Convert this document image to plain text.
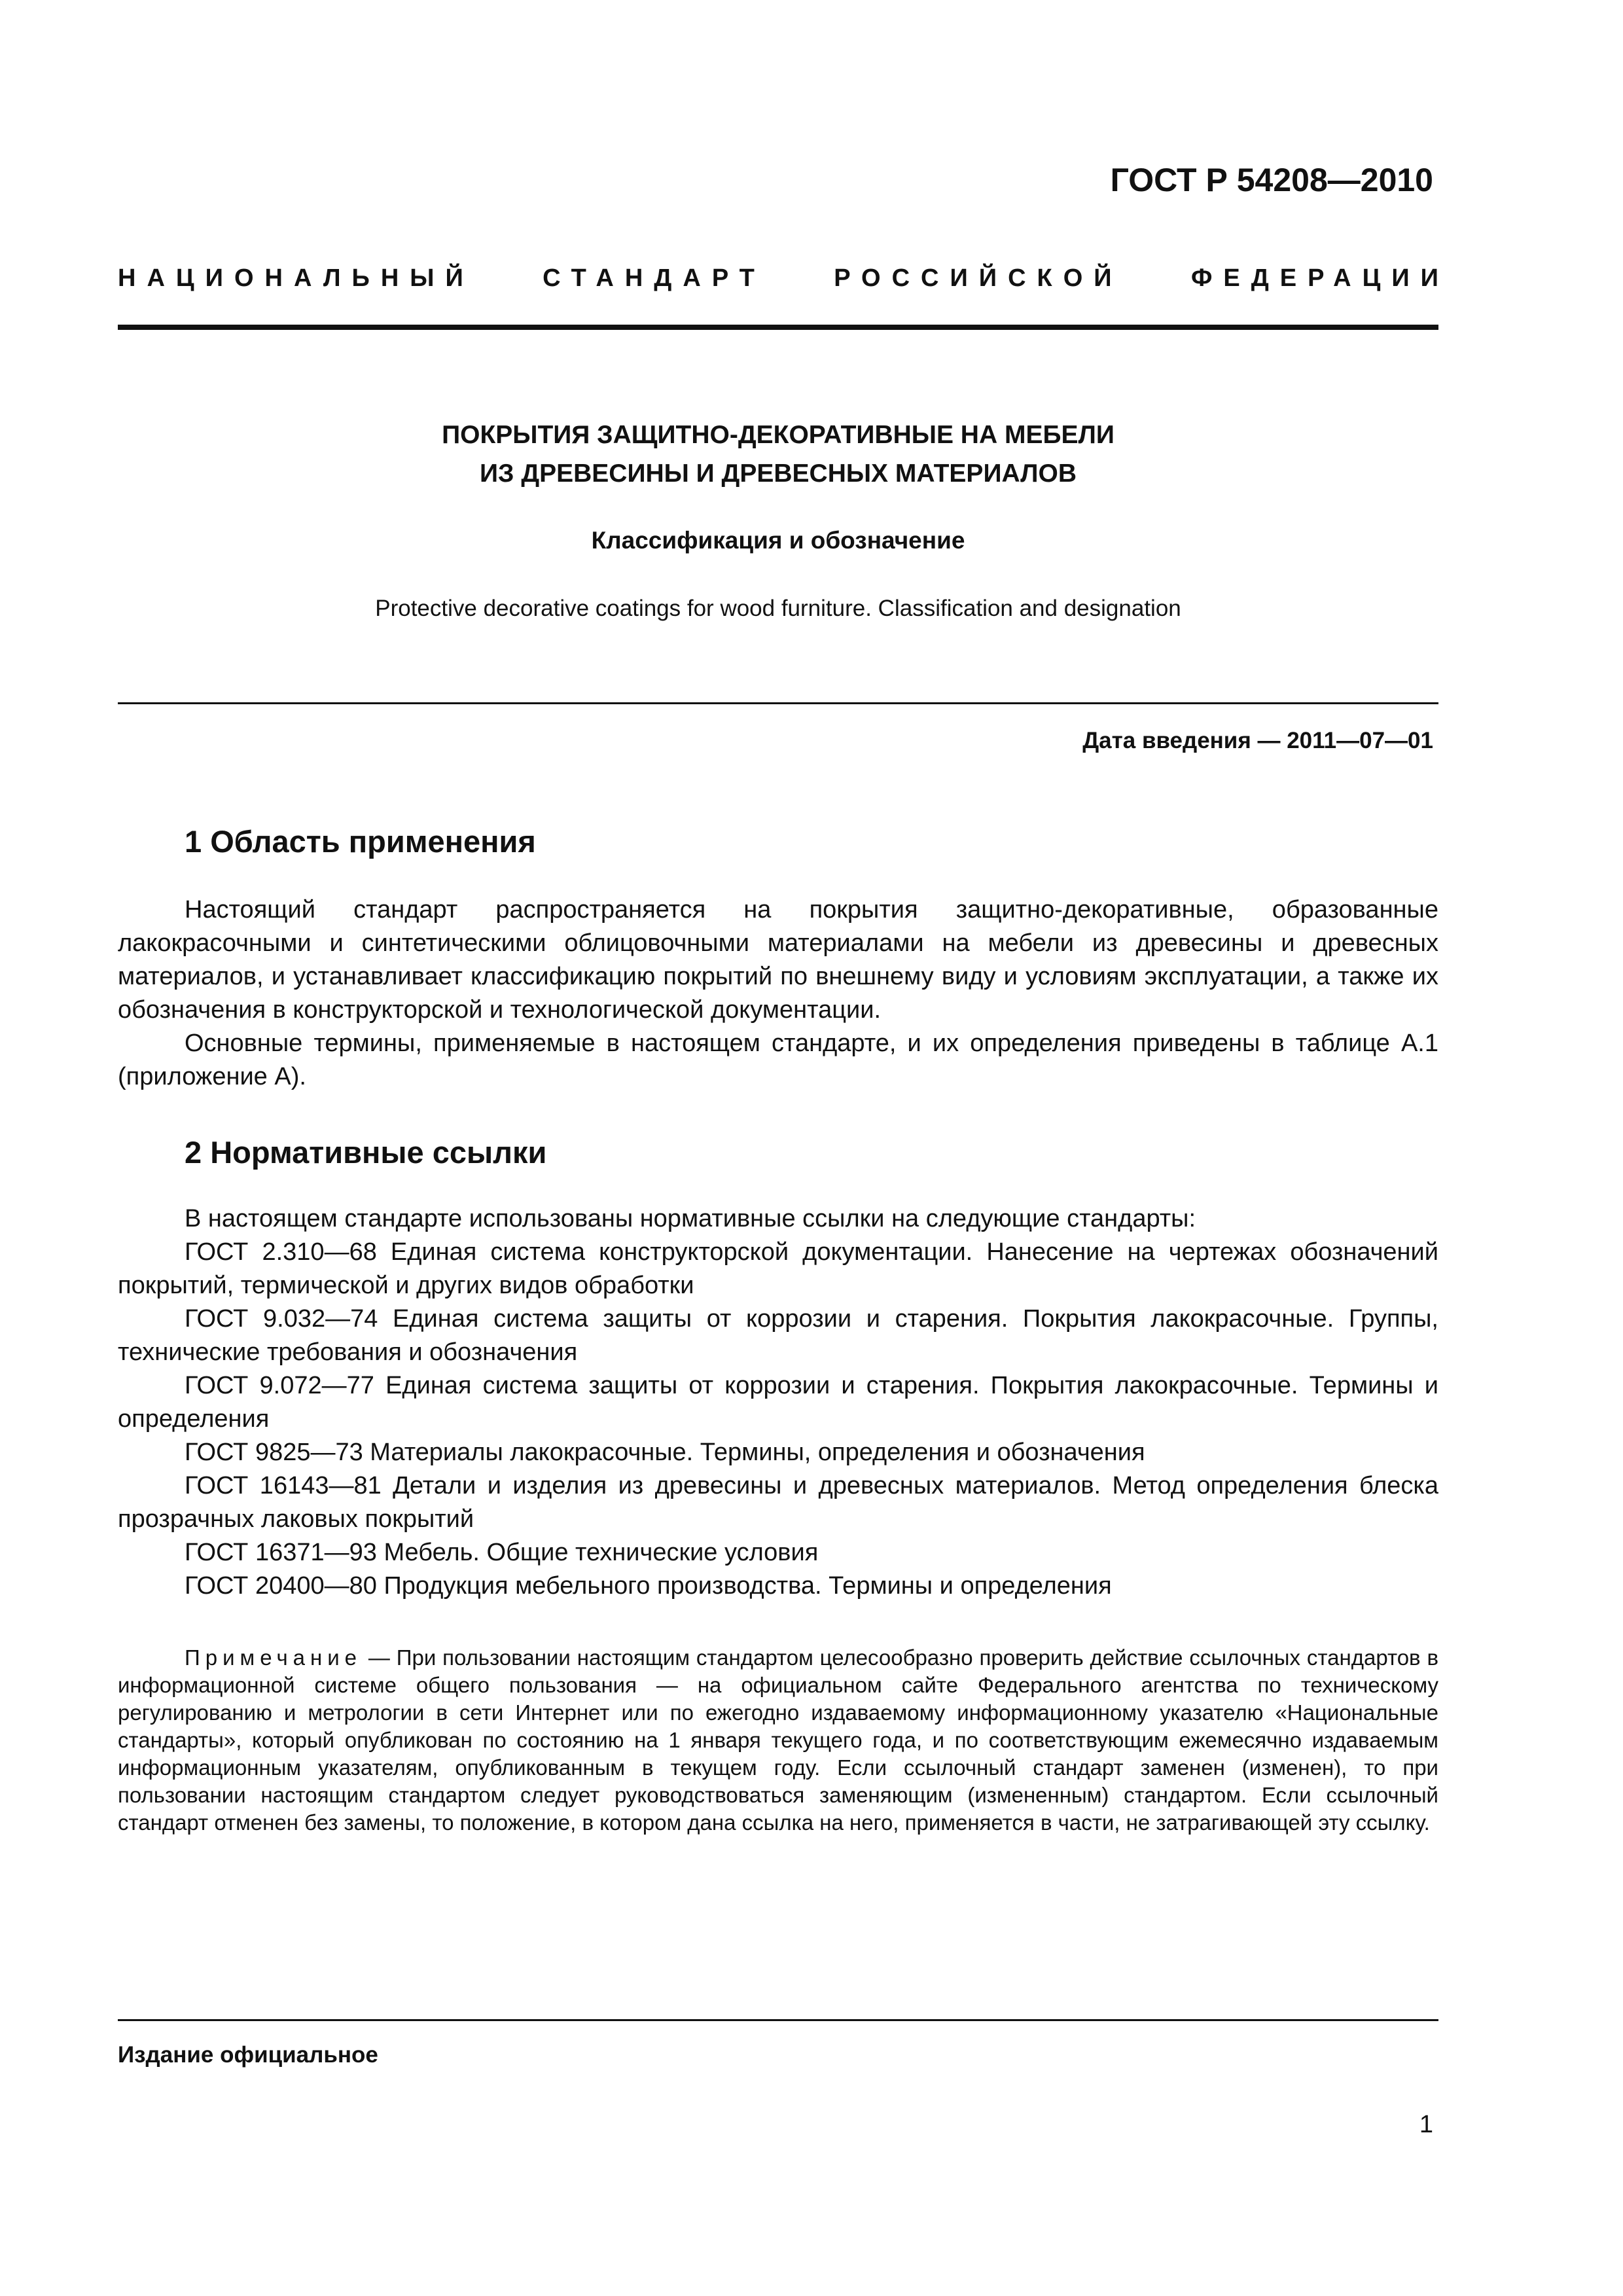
ГОСТ Р 54208—2010
НАЦИОНАЛЬНЫЙ	СТАНДАРТ	РОССИЙСКОЙ	ФЕДЕРАЦИИ
ПОКРЫТИЯ ЗАЩИТНО-ДЕКОРАТИВНЫЕ НА МЕБЕЛИ
ИЗ ДРЕВЕСИНЫ И ДРЕВЕСНЫХ МАТЕРИАЛОВ
Классификация и обозначение
Protective decorative coatings for wood furniture. Classification and designation
Дата введения — 2011—07—01
1 Область применения

Настоящий стандарт распространяется на покрытия защитно-декоративные, образованные лакокрасочными и синтетическими облицовочными материалами на мебели из древесины и древесных материалов, и устанавливает классификацию покрытий по внешнему виду и условиям эксплуатации, а также их обозначения в конструкторской и технологической документации.

Основные термины, применяемые в настоящем стандарте, и их определения приведены в таблице А.1 (приложение А).

2 Нормативные ссылки

В настоящем стандарте использованы нормативные ссылки на следующие стандарты:

ГОСТ 2.310—68 Единая система конструкторской документации. Нанесение на чертежах обозначений покрытий, термической и других видов обработки

ГОСТ 9.032—74 Единая система защиты от коррозии и старения. Покрытия лакокрасочные. Группы, технические требования и обозначения

ГОСТ 9.072—77 Единая система защиты от коррозии и старения. Покрытия лакокрасочные. Термины и определения

ГОСТ 9825—73 Материалы лакокрасочные. Термины, определения и обозначения

ГОСТ 16143—81 Детали и изделия из древесины и древесных материалов. Метод определения блеска прозрачных лаковых покрытий

ГОСТ 16371—93 Мебель. Общие технические условия

ГОСТ 20400—80 Продукция мебельного производства. Термины и определения

Примечание — При пользовании настоящим стандартом целесообразно проверить действие ссылочных стандартов в информационной системе общего пользования — на официальном сайте Федерального агентства по техническому регулированию и метрологии в сети Интернет или по ежегодно издаваемому информационному указателю «Национальные стандарты», который опубликован по состоянию на 1 января текущего года, и по соответствующим ежемесячно издаваемым информационным указателям, опубликованным в текущем году. Если ссылочный стандарт заменен (изменен), то при пользовании настоящим стандартом следует руководствоваться заменяющим (измененным) стандартом. Если ссылочный стандарт отменен без замены, то положение, в котором дана ссылка на него, применяется в части, не затрагивающей эту ссылку.

Издание официальное
1
